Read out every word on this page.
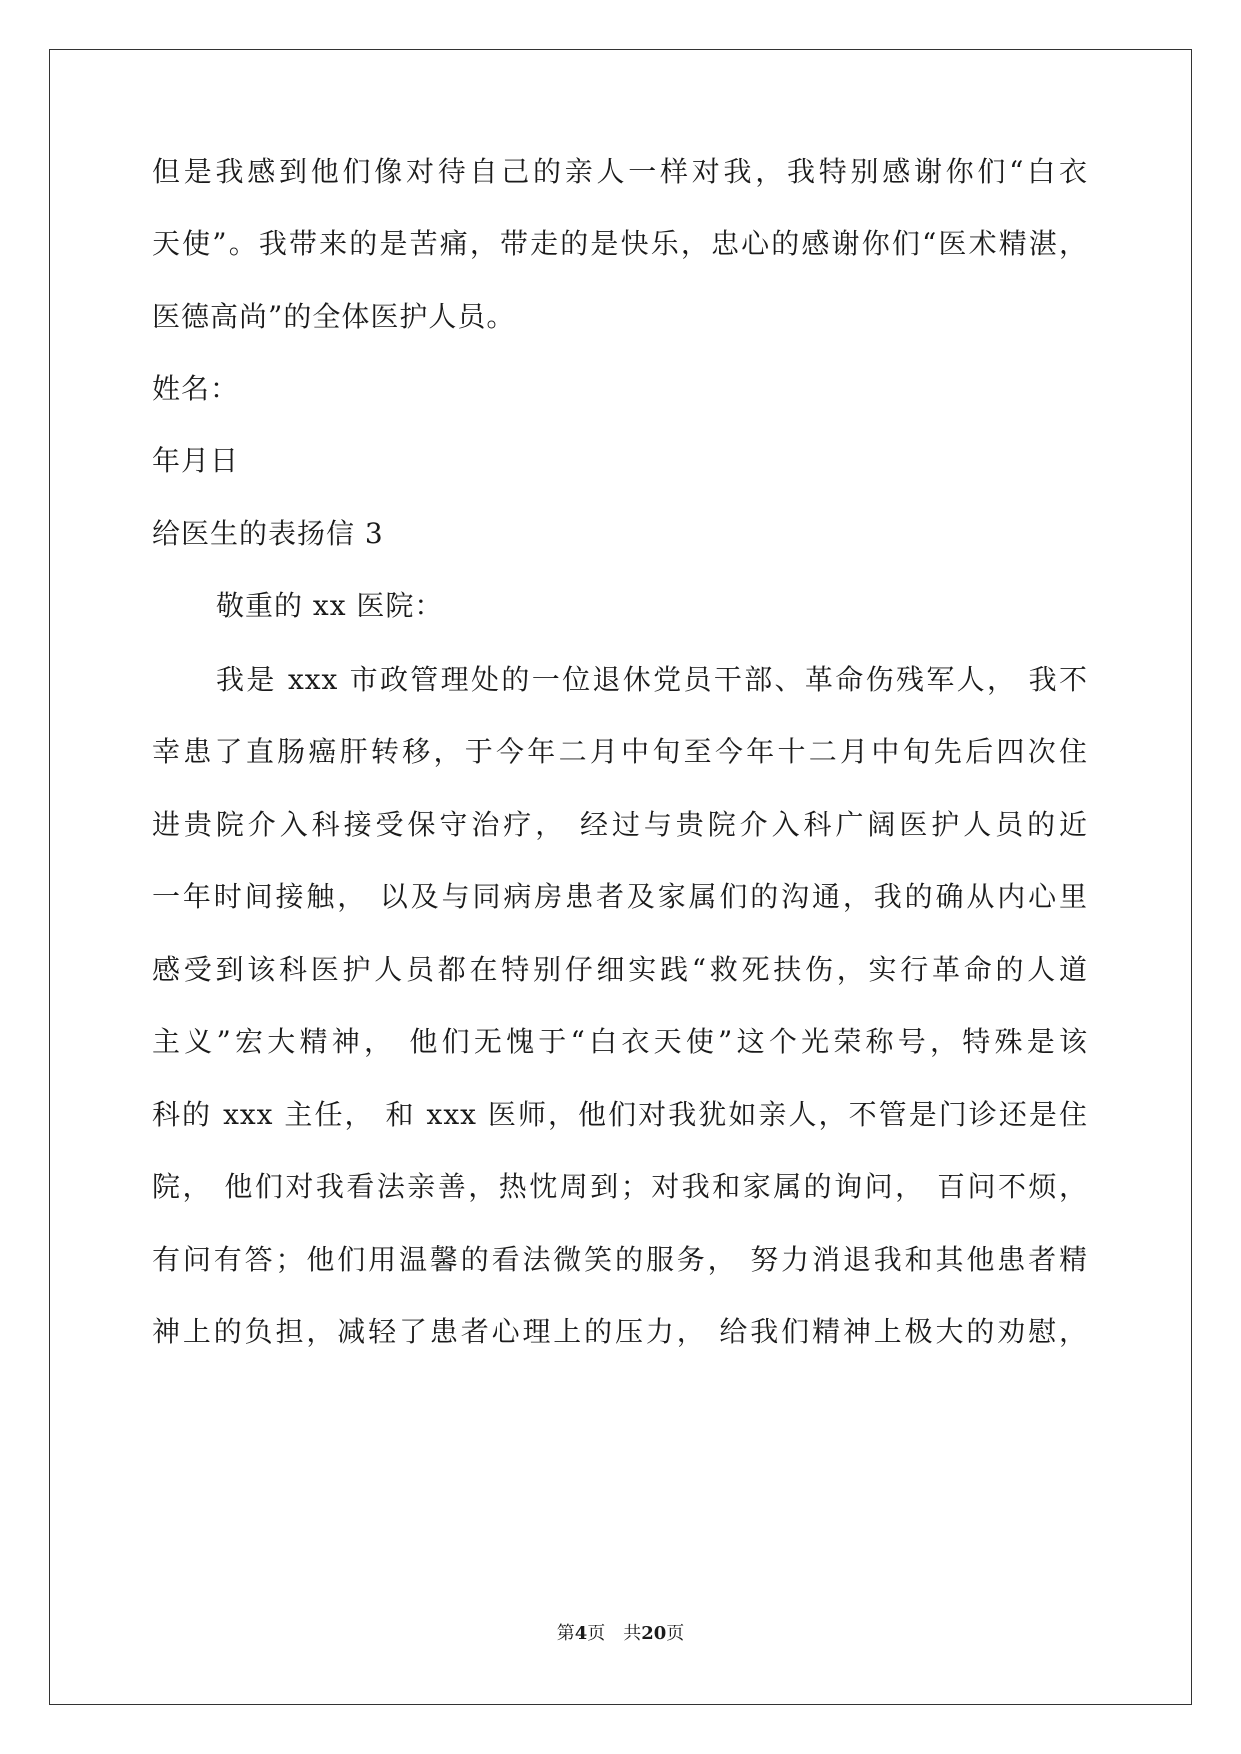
但是我感到他们像对待自己的亲人一样对我，我特别感谢你们“白衣
天使”。我带来的是苦痛，带走的是快乐，忠心的感谢你们“医术精湛，
医德高尚”的全体医护人员。
姓名：
年月日
给医生的表扬信 3
敬重的 xx 医院：
我是 xxx 市政管理处的一位退休党员干部、革命伤残军人， 我不
幸患了直肠癌肝转移，于今年二月中旬至今年十二月中旬先后四次住
进贵院介入科接受保守治疗， 经过与贵院介入科广阔医护人员的近
一年时间接触， 以及与同病房患者及家属们的沟通，我的确从内心里
感受到该科医护人员都在特别仔细实践“救死扶伤，实行革命的人道
主义”宏大精神， 他们无愧于“白衣天使”这个光荣称号，特殊是该
科的 xxx 主任， 和 xxx 医师，他们对我犹如亲人，不管是门诊还是住
院， 他们对我看法亲善，热忱周到；对我和家属的询问， 百问不烦，
有问有答；他们用温馨的看法微笑的服务， 努力消退我和其他患者精
神上的负担，减轻了患者心理上的压力， 给我们精神上极大的劝慰，
第4页 共20页
